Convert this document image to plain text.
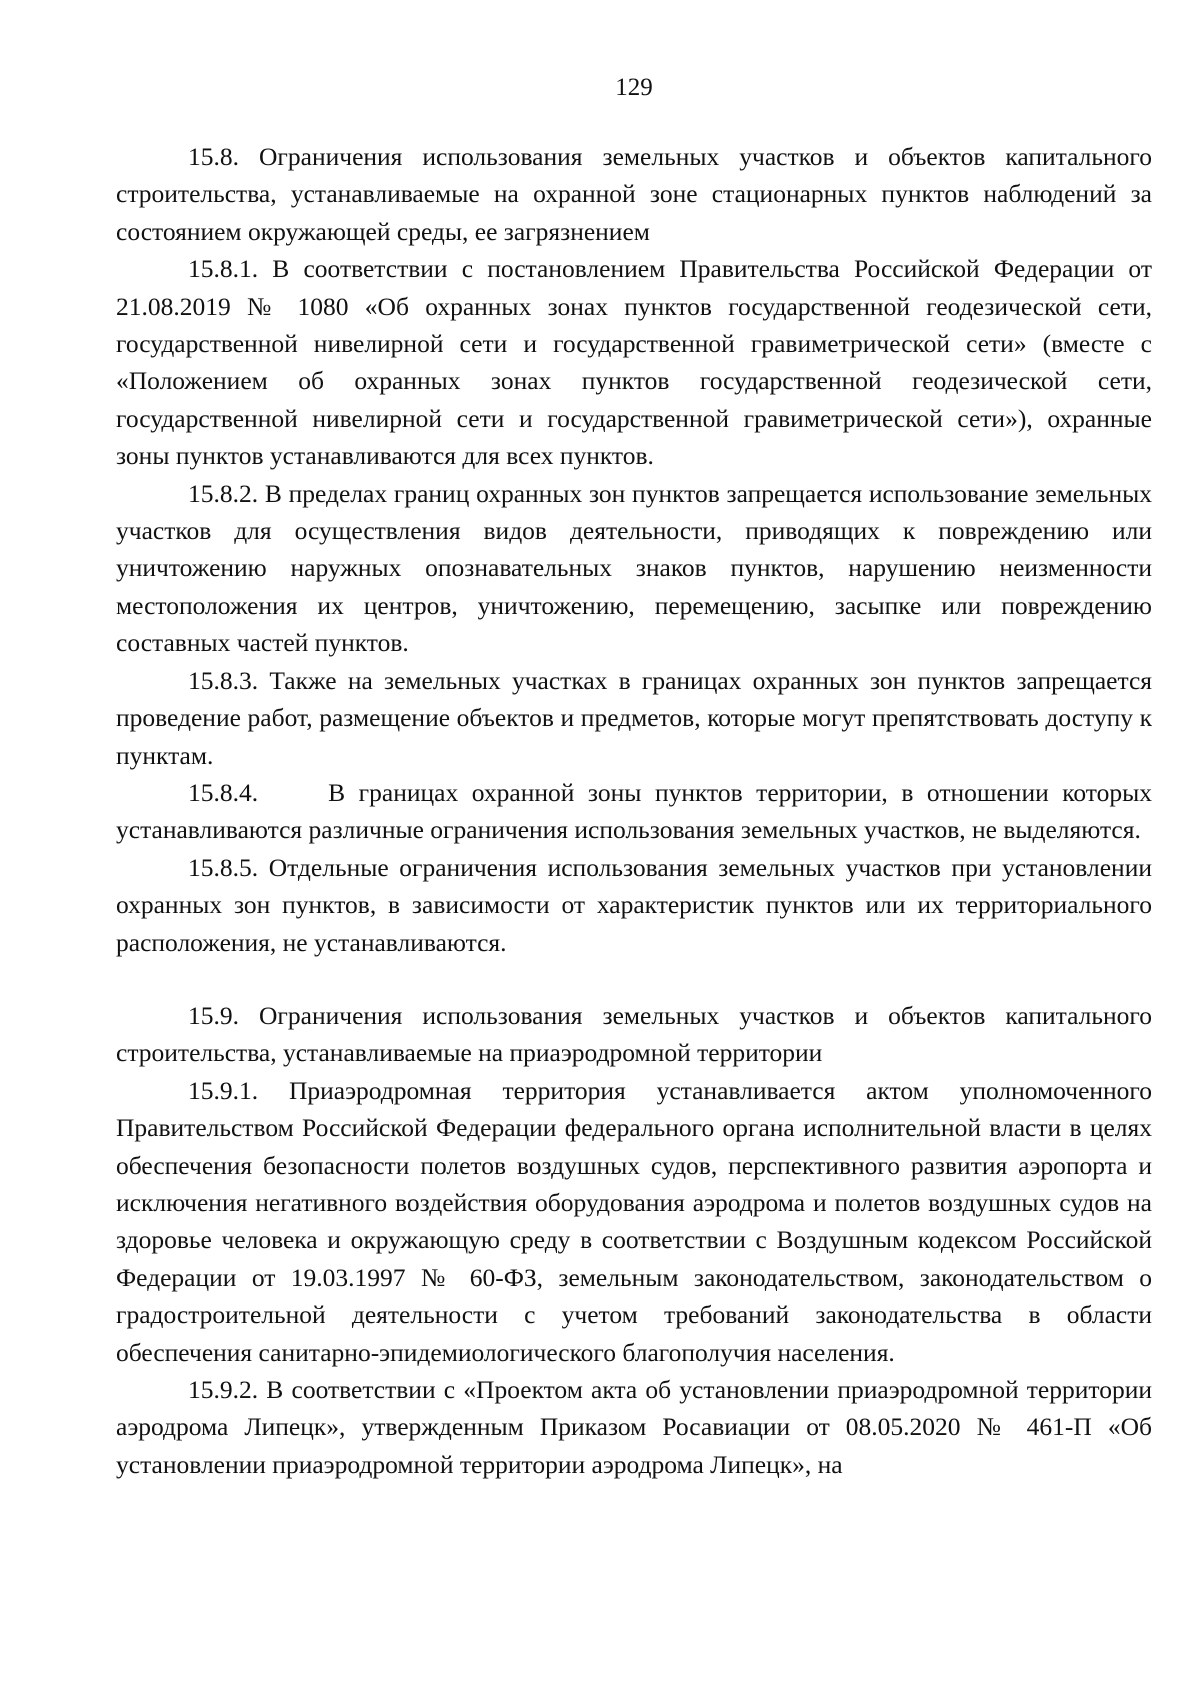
129

15.8. Ограничения использования земельных участков и объектов капитального строительства, устанавливаемые на охранной зоне стационарных пунктов наблюдений за состоянием окружающей среды, ее загрязнением

15.8.1. В соответствии с постановлением Правительства Российской Федерации от 21.08.2019 № 1080 «Об охранных зонах пунктов государственной геодезической сети, государственной нивелирной сети и государственной гравиметрической сети» (вместе с «Положением об охранных зонах пунктов государственной геодезической сети, государственной нивелирной сети и государственной гравиметрической сети»), охранные зоны пунктов устанавливаются для всех пунктов.

15.8.2. В пределах границ охранных зон пунктов запрещается использование земельных участков для осуществления видов деятельности, приводящих к повреждению или уничтожению наружных опознавательных знаков пунктов, нарушению неизменности местоположения их центров, уничтожению, перемещению, засыпке или повреждению составных частей пунктов.

15.8.3. Также на земельных участках в границах охранных зон пунктов запрещается проведение работ, размещение объектов и предметов, которые могут препятствовать доступу к пунктам.

15.8.4.	В границах охранной зоны пунктов территории, в отношении которых устанавливаются различные ограничения использования земельных участков, не выделяются.

15.8.5. Отдельные ограничения использования земельных участков при установлении охранных зон пунктов, в зависимости от характеристик пунктов или их территориального расположения, не устанавливаются.

15.9. Ограничения использования земельных участков и объектов капитального строительства, устанавливаемые на приаэродромной территории

15.9.1. Приаэродромная территория устанавливается актом уполномоченного Правительством Российской Федерации федерального органа исполнительной власти в целях обеспечения безопасности полетов воздушных судов, перспективного развития аэропорта и исключения негативного воздействия оборудования аэродрома и полетов воздушных судов на здоровье человека и окружающую среду в соответствии с Воздушным кодексом Российской Федерации от 19.03.1997 № 60-ФЗ, земельным законодательством, законодательством о градостроительной деятельности с учетом требований законодательства в области обеспечения санитарно-эпидемиологического благополучия населения.

15.9.2. В соответствии с «Проектом акта об установлении приаэродромной территории аэродрома Липецк», утвержденным Приказом Росавиации от 08.05.2020 № 461-П «Об установлении приаэродромной территории аэродрома Липецк», на
